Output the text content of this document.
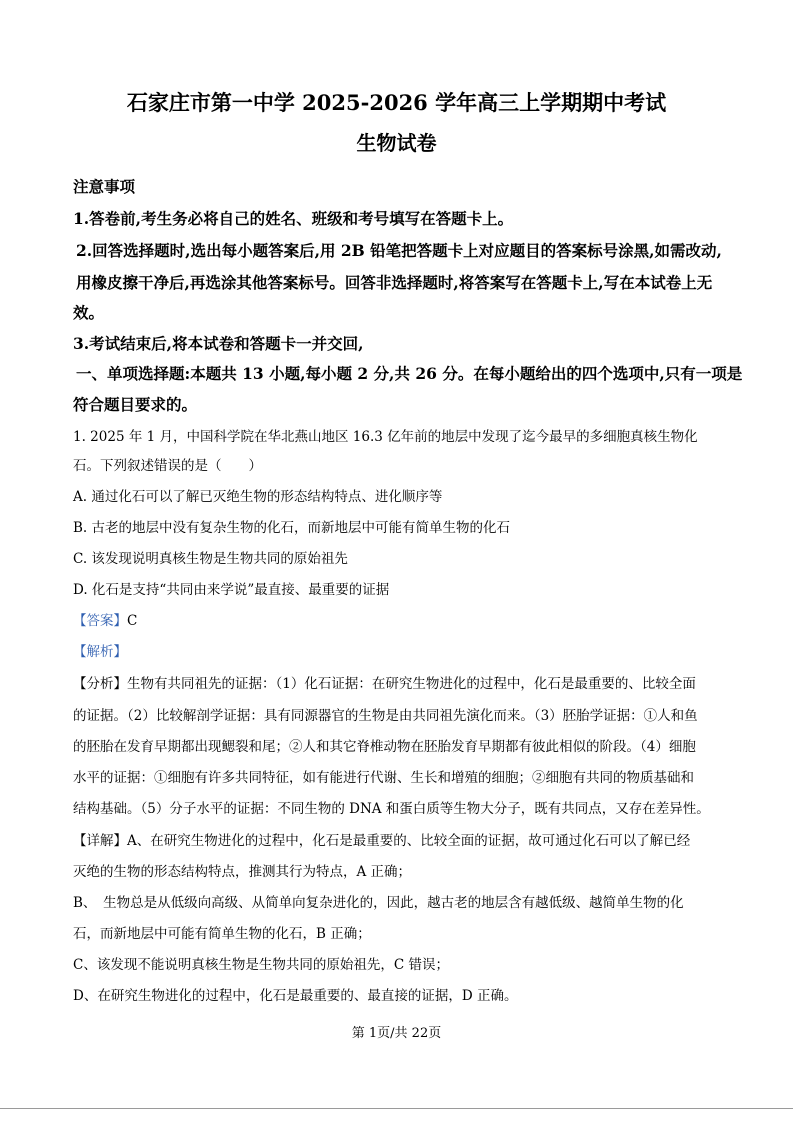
石家庄市第一中学 2025-2026 学年高三上学期期中考试
生物试卷
注意事项
1.答卷前,考生务必将自己的姓名、班级和考号填写在答题卡上。
2.回答选择题时,选出每小题答案后,用 2B 铅笔把答题卡上对应题目的答案标号涂黑,如需改动,
用橡皮擦干净后,再选涂其他答案标号。回答非选择题时,将答案写在答题卡上,写在本试卷上无
效。
3.考试结束后,将本试卷和答题卡一并交回,
一、单项选择题:本题共 13 小题,每小题 2 分,共 26 分。在每小题给出的四个选项中,只有一项是
符合题目要求的。
1. 2025 年 1 月，中国科学院在华北燕山地区 16.3 亿年前的地层中发现了迄今最早的多细胞真核生物化
石。下列叙述错误的是（　　）
A. 通过化石可以了解已灭绝生物的形态结构特点、进化顺序等
B. 古老的地层中没有复杂生物的化石，而新地层中可能有简单生物的化石
C. 该发现说明真核生物是生物共同的原始祖先
D. 化石是支持“共同由来学说”最直接、最重要的证据
【答案】C
【解析】
【分析】生物有共同祖先的证据：（1）化石证据：在研究生物进化的过程中，化石是最重要的、比较全面
的证据。（2）比较解剖学证据：具有同源器官的生物是由共同祖先演化而来。（3）胚胎学证据：①人和鱼
的胚胎在发育早期都出现鳃裂和尾；②人和其它脊椎动物在胚胎发育早期都有彼此相似的阶段。（4）细胞
水平的证据：①细胞有许多共同特征，如有能进行代谢、生长和增殖的细胞；②细胞有共同的物质基础和
结构基础。（5）分子水平的证据：不同生物的 DNA 和蛋白质等生物大分子，既有共同点，又存在差异性。
【详解】A、在研究生物进化的过程中，化石是最重要的、比较全面的证据，故可通过化石可以了解已经
灭绝的生物的形态结构特点，推测其行为特点，A 正确；
B、　生物总是从低级向高级、从简单向复杂进化的，因此，越古老的地层含有越低级、越简单生物的化
石，而新地层中可能有简单生物的化石，B 正确；
C、该发现不能说明真核生物是生物共同的原始祖先，C 错误；
D、在研究生物进化的过程中，化石是最重要的、最直接的证据，D 正确。
第 1页/共 22页
